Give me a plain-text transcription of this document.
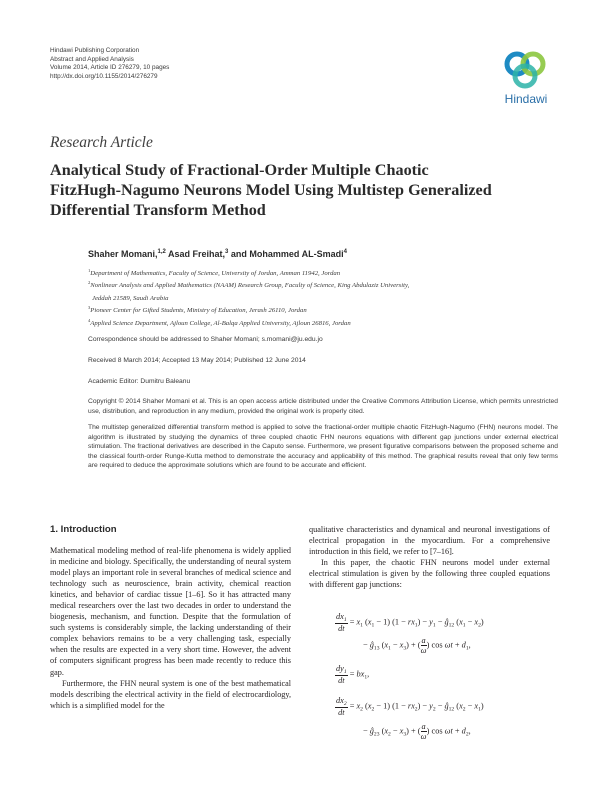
Hindawi Publishing Corporation
Abstract and Applied Analysis
Volume 2014, Article ID 276279, 10 pages
http://dx.doi.org/10.1155/2014/276279
Hindawi
Research Article
Analytical Study of Fractional-Order Multiple Chaotic
FitzHugh-Nagumo Neurons Model Using Multistep Generalized
Differential Transform Method
Shaher Momani,$^{1,2}$ Asad Freihat,$^3$ and Mohammed AL-Smadi$^4$
$^1$Department of Mathematics, Faculty of Science, University of Jordan, Amman 11942, Jordan
$^2$Nonlinear Analysis and Applied Mathematics (NAAM) Research Group, Faculty of Science, King Abdulaziz University,
Jeddah 21589, Saudi Arabia
$^3$Pioneer Center for Gifted Students, Ministry of Education, Jerash 26110, Jordan
$^4$Applied Science Department, Ajloun College, Al-Balqa Applied University, Ajloun 26816, Jordan
Correspondence should be addressed to Shaher Momani; s.momani@ju.edu.jo
Received 8 March 2014; Accepted 13 May 2014; Published 12 June 2014
Academic Editor: Dumitru Baleanu
Copyright © 2014 Shaher Momani et al. This is an open access article distributed under the Creative Commons Attribution License, which permits unrestricted use, distribution, and reproduction in any medium, provided the original work is properly cited.
The multistep generalized differential transform method is applied to solve the fractional-order multiple chaotic FitzHugh-Nagumo (FHN) neurons model. The algorithm is illustrated by studying the dynamics of three coupled chaotic FHN neurons equations with different gap junctions under external electrical stimulation. The fractional derivatives are described in the Caputo sense. Furthermore, we present figurative comparisons between the proposed scheme and the classical fourth-order Runge-Kutta method to demonstrate the accuracy and applicability of this method. The graphical results reveal that only few terms are required to deduce the approximate solutions which are found to be accurate and efficient.
1. Introduction

Mathematical modeling method of real-life phenomena is widely applied in medicine and biology. Specifically, the understanding of neural system model plays an important role in several branches of medical science and technology such as neuroscience, brain activity, chemical reaction kinetics, and behavior of cardiac tissue [1–6]. So it has attracted many medical researchers over the last two decades in order to understand the biogenesis, mechanism, and function. Despite that the formulation of such systems is considerably simple, the lacking understanding of their complex behaviors remains to be a very challenging task, especially when the results are expected in a very short time. However, the advent of computers significant progress has been made recently to reduce this gap.

Furthermore, the FHN neural system is one of the best mathematical models describing the electrical activity in the field of electrocardiology, which is a simplified model for the

qualitative characteristics and dynamical and neuronal investigations of electrical propagation in the myocardium. For a comprehensive introduction in this field, we refer to [7–16].

In this paper, the chaotic FHN neurons model under external electrical stimulation is given by the following three coupled equations with different gap junctions:

$\frac{dx_1}{dt} = x_1$ $(x_1 - 1) (1 - rx_1) - y_1$ − $ĝ_{12}$ $(x_1 - x_2)$
− $ĝ_{13}$ $(x_1 - x_3)$ + ( $\frac{a}{\omega}$ ) $\cos \omega t + d_1$,
$\frac{dy_1}{dt} = bx_1$,
$\frac{dx_2}{dt} = x_2$ $(x_2 - 1) (1 - rx_2) - y_2$ − $ĝ_{12}$ $(x_2 - x_1)$
− $ĝ_{23}$ $(x_2 - x_3)$ + ( $\frac{a}{\omega}$ ) $\cos \omega t + d_2$,
